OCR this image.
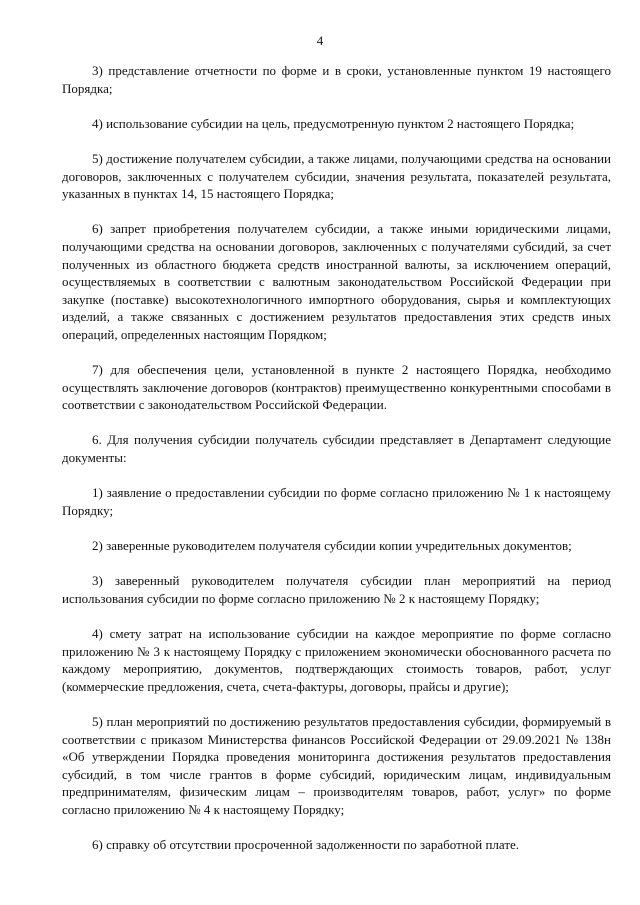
4

3) представление отчетности по форме и в сроки, установленные пунктом 19 настоящего Порядка;

4) использование субсидии на цель, предусмотренную пунктом 2 настоящего Порядка;

5) достижение получателем субсидии, а также лицами, получающими средства на основании договоров, заключенных с получателем субсидии, значения результата, показателей результата, указанных в пунктах 14, 15 настоящего Порядка;

6) запрет приобретения получателем субсидии, а также иными юридическими лицами, получающими средства на основании договоров, заключенных с получателями субсидий, за счет полученных из областного бюджета средств иностранной валюты, за исключением операций, осуществляемых в соответствии с валютным законодательством Российской Федерации при закупке (поставке) высокотехнологичного импортного оборудования, сырья и комплектующих изделий, а также связанных с достижением результатов предоставления этих средств иных операций, определенных настоящим Порядком;

7) для обеспечения цели, установленной в пункте 2 настоящего Порядка, необходимо осуществлять заключение договоров (контрактов) преимущественно конкурентными способами в соответствии с законодательством Российской Федерации.

6. Для получения субсидии получатель субсидии представляет в Департамент следующие документы:

1) заявление о предоставлении субсидии по форме согласно приложению № 1 к настоящему Порядку;

2) заверенные руководителем получателя субсидии копии учредительных документов;

3) заверенный руководителем получателя субсидии план мероприятий на период использования субсидии по форме согласно приложению № 2 к настоящему Порядку;

4) смету затрат на использование субсидии на каждое мероприятие по форме согласно приложению № 3 к настоящему Порядку с приложением экономически обоснованного расчета по каждому мероприятию, документов, подтверждающих стоимость товаров, работ, услуг (коммерческие предложения, счета, счета-фактуры, договоры, прайсы и другие);

5) план мероприятий по достижению результатов предоставления субсидии, формируемый в соответствии с приказом Министерства финансов Российской Федерации от 29.09.2021 № 138н «Об утверждении Порядка проведения мониторинга достижения результатов предоставления субсидий, в том числе грантов в форме субсидий, юридическим лицам, индивидуальным предпринимателям, физическим лицам – производителям товаров, работ, услуг» по форме согласно приложению № 4 к настоящему Порядку;

6) справку об отсутствии просроченной задолженности по заработной плате.
